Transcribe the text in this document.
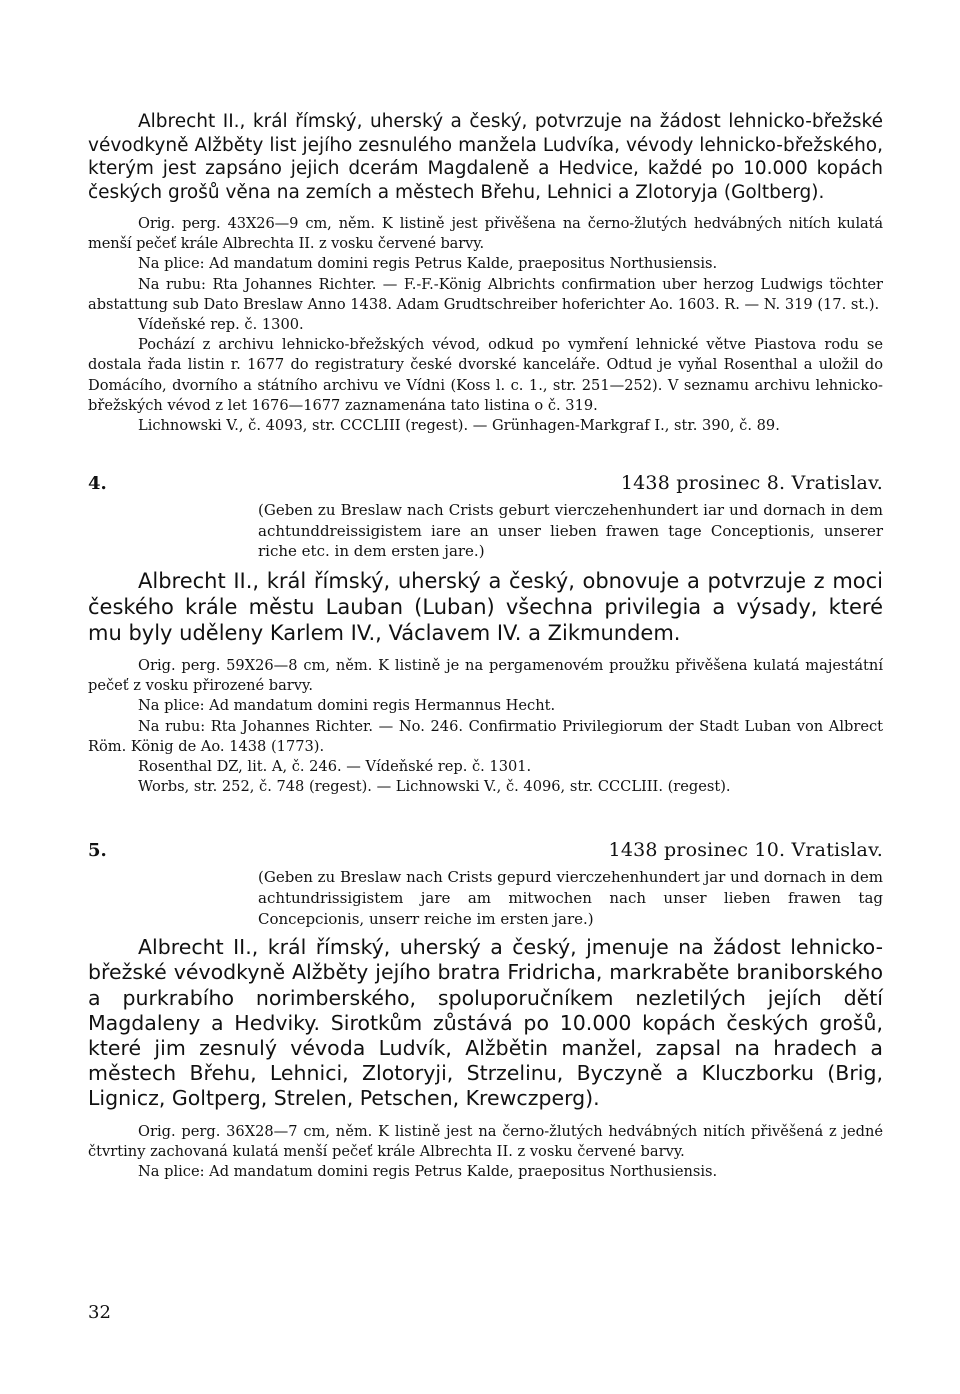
Albrecht II., král římský, uherský a český, potvrzuje na žádost lehnicko-břežské vévodkyně Alžběty list jejího zesnulého manžela Ludvíka, vévody lehnicko-břežského, kterým jest zapsáno jejich dcerám Magdaleně a Hedvice, každé po 10.000 kopách českých grošů věna na zemích a městech Břehu, Lehnici a Zlotoryja (Goltberg).

Orig. perg. 43X26—9 cm, něm. K listině jest přivěšena na černo-žlutých hedvábných nitích kulatá menší pečeť krále Albrechta II. z vosku červené barvy.

Na plice: Ad mandatum domini regis Petrus Kalde, praepositus Northusiensis.

Na rubu: Rta Johannes Richter. — F.-F.-König Albrichts confirmation uber herzog Ludwigs töchter abstattung sub Dato Breslaw Anno 1438. Adam Grudtschreiber hoferichter Ao. 1603. R. — N. 319 (17. st.).

Vídeňské rep. č. 1300.

Pochází z archivu lehnicko-břežských vévod, odkud po vymření lehnické větve Piastova rodu se dostala řada listin r. 1677 do registratury české dvorské kanceláře. Odtud je vyňal Rosenthal a uložil do Domácího, dvorního a státního archivu ve Vídni (Koss l. c. 1., str. 251—252). V seznamu archivu lehnicko-břežských vévod z let 1676—1677 zaznamenána tato listina o č. 319.

Lichnowski V., č. 4093, str. CCCLIII (regest). — Grünhagen-Markgraf I., str. 390, č. 89.

4.	1438 prosinec 8. Vratislav.

(Geben zu Breslaw nach Crists geburt vierczehenhundert iar und dornach in dem achtunddreissigistem iare an unser lieben frawen tage Conceptionis, unserer riche etc. in dem ersten jare.)

Albrecht II., král římský, uherský a český, obnovuje a potvrzuje z moci českého krále městu Lauban (Luban) všechna privilegia a výsady, které mu byly uděleny Karlem IV., Václavem IV. a Zikmundem.

Orig. perg. 59X26—8 cm, něm. K listině je na pergamenovém proužku přivěšena kulatá majestátní pečeť z vosku přirozené barvy.

Na plice: Ad mandatum domini regis Hermannus Hecht.

Na rubu: Rta Johannes Richter. — No. 246. Confirmatio Privilegiorum der Stadt Luban von Albrect Röm. König de Ao. 1438 (1773).

Rosenthal DZ, lit. A, č. 246. — Vídeňské rep. č. 1301.

Worbs, str. 252, č. 748 (regest). — Lichnowski V., č. 4096, str. CCCLIII. (regest).

5.	1438 prosinec 10. Vratislav.

(Geben zu Breslaw nach Crists gepurd vierczehenhundert jar und dornach in dem achtundrissigistem jare am mitwochen nach unser lieben frawen tag Concepcionis, unserr reiche im ersten jare.)

Albrecht II., král římský, uherský a český, jmenuje na žádost lehnicko-břežské vévodkyně Alžběty jejího bratra Fridricha, markraběte braniborského a purkrabího norimberského, spoluporučníkem nezletilých jejích dětí Magdaleny a Hedviky. Sirotkům zůstává po 10.000 kopách českých grošů, které jim zesnulý vévoda Ludvík, Alžbětin manžel, zapsal na hradech a městech Břehu, Lehnici, Zlotoryji, Strzelinu, Byczyně a Kluczborku (Brig, Lignicz, Goltperg, Strelen, Petschen, Krewczperg).

Orig. perg. 36X28—7 cm, něm. K listině jest na černo-žlutých hedvábných nitích přivěšená z jedné čtvrtiny zachovaná kulatá menší pečeť krále Albrechta II. z vosku červené barvy.

Na plice: Ad mandatum domini regis Petrus Kalde, praepositus Northusiensis.

32
